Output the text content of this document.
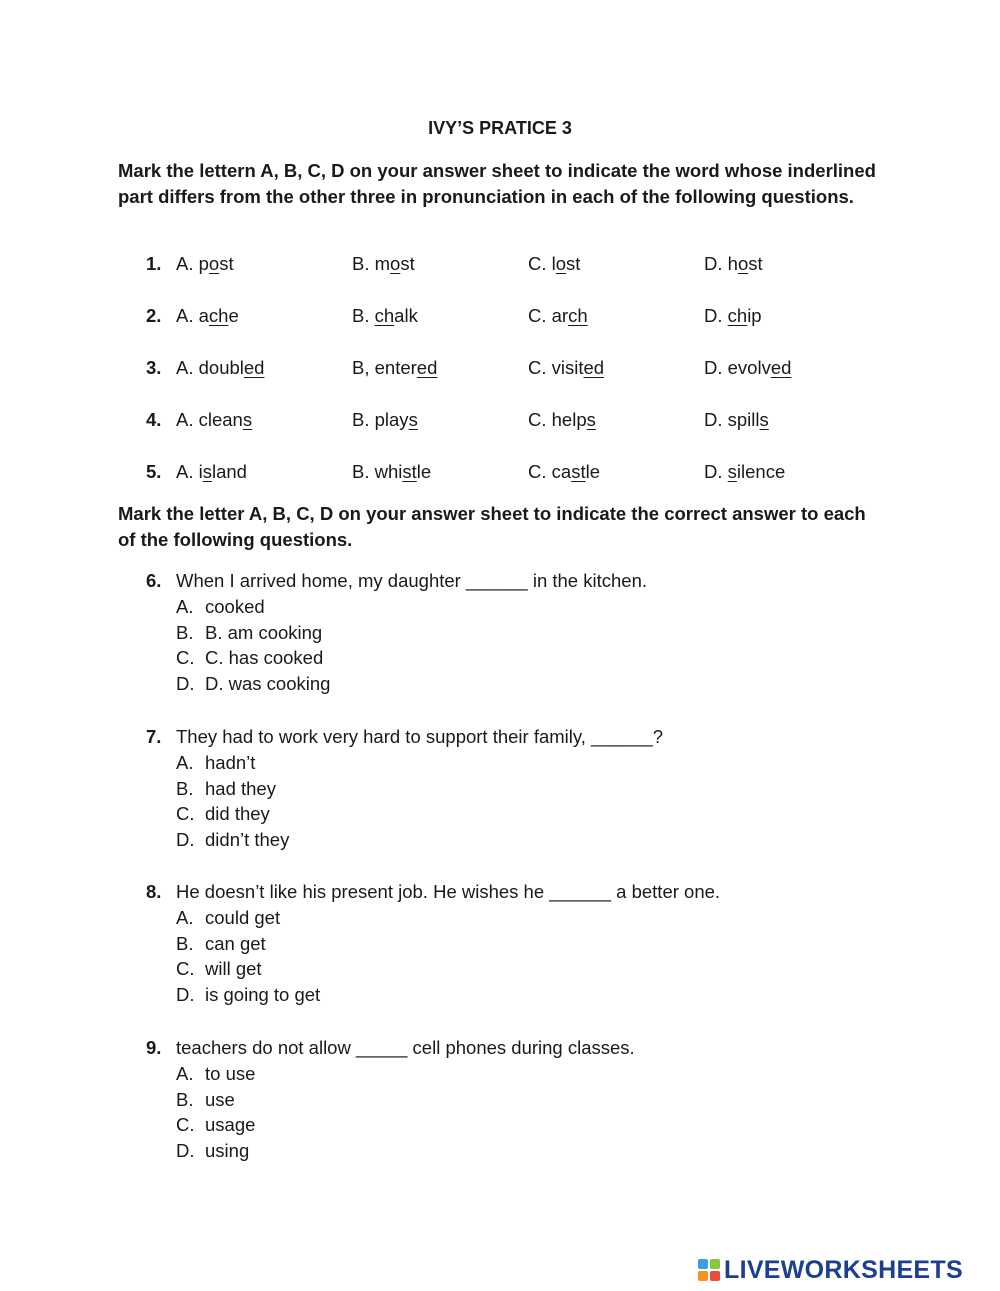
IVY’S PRATICE 3
Mark the lettern A, B, C, D on your answer sheet to indicate the word whose inderlined part differs from the other three in pronunciation in each of the following questions.
1. A. post	B. most	C. lost	D. host
2. A. ache	B. chalk	C. arch	D. chip
3. A. doubled	B, entered	C. visited	D. evolved
4. A. cleans	B. plays	C. helps	D. spills
5. A. island	B. whistle	C. castle	D. silence
Mark the letter A, B, C, D on your answer sheet to indicate the correct answer to each of the following questions.
6. When I arrived home, my daughter ______ in the kitchen.
A. cooked
B. B. am cooking
C. C. has cooked
D. D. was cooking
7. They had to work very hard to support their family, ______?
A. hadn’t
B. had they
C. did they
D. didn’t they
8. He doesn’t like his present job. He wishes he ______ a better one.
A. could get
B. can get
C. will get
D. is going to get
9. teachers do not allow _____ cell phones during classes.
A. to use
B. use
C. usage
D. using
LIVEWORKSHEETS
